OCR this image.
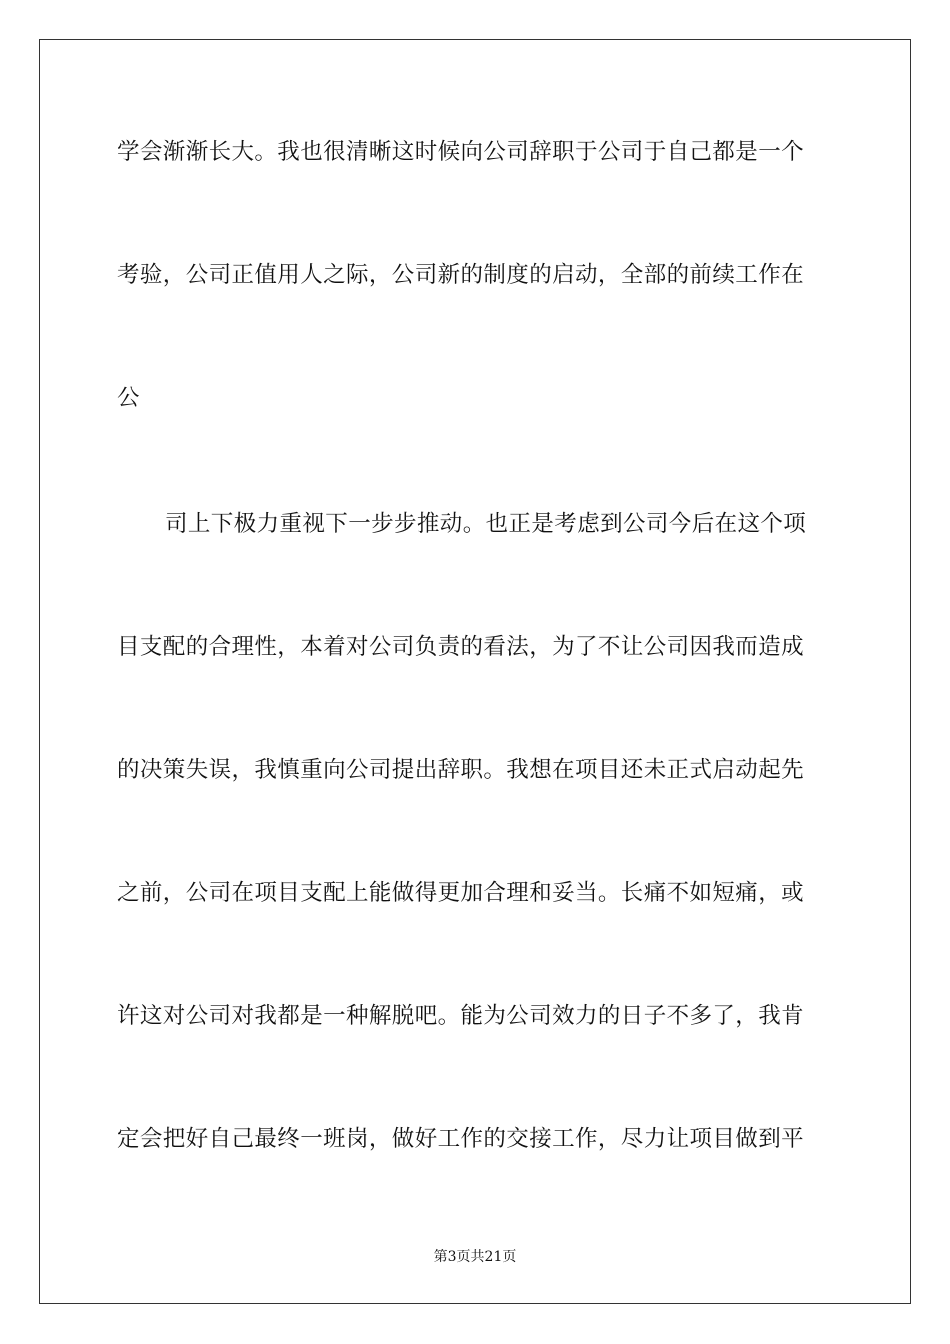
学会渐渐长大。我也很清晰这时候向公司辞职于公司于自己都是一个
考验，公司正值用人之际，公司新的制度的启动，全部的前续工作在
公
司上下极力重视下一步步推动。也正是考虑到公司今后在这个项
目支配的合理性，本着对公司负责的看法，为了不让公司因我而造成
的决策失误，我慎重向公司提出辞职。我想在项目还未正式启动起先
之前，公司在项目支配上能做得更加合理和妥当。长痛不如短痛，或
许这对公司对我都是一种解脱吧。能为公司效力的日子不多了，我肯
定会把好自己最终一班岗，做好工作的交接工作，尽力让项目做到平
第3页共21页
